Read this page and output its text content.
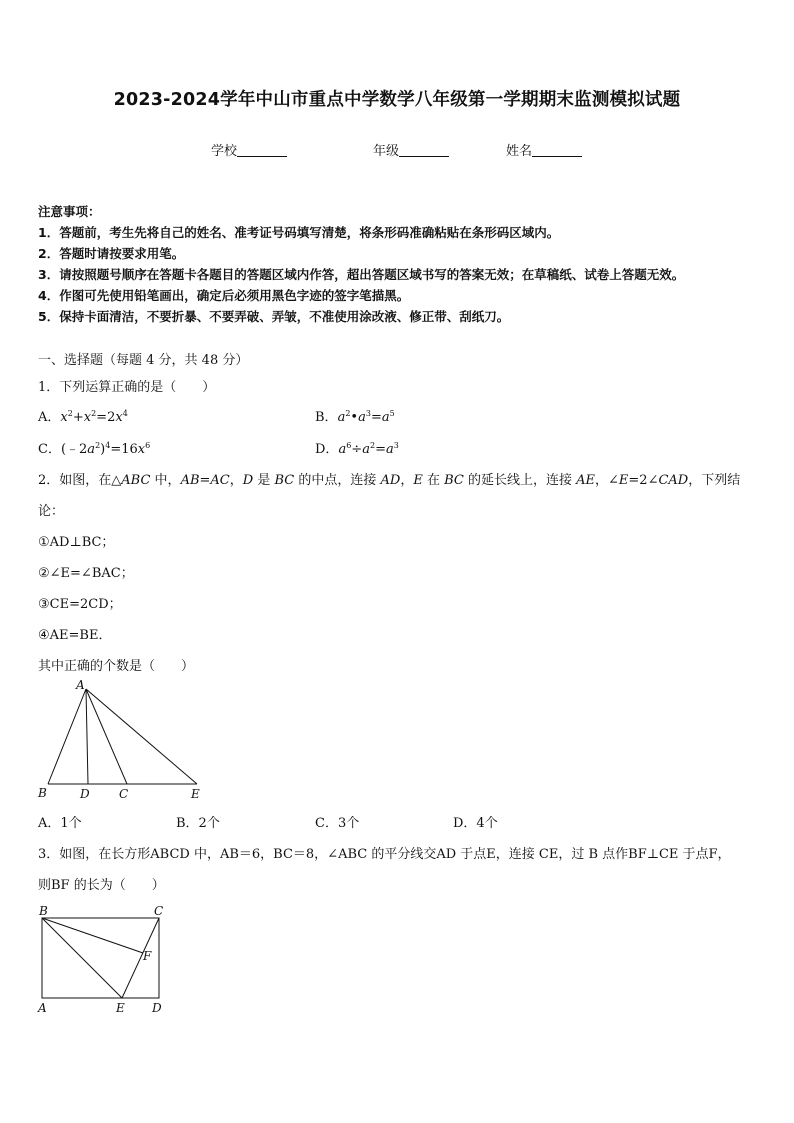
2023-2024学年中山市重点中学数学八年级第一学期期末监测模拟试题
学校	年级	姓名
注意事项：
1．答题前，考生先将自己的姓名、准考证号码填写清楚，将条形码准确粘贴在条形码区域内。
2．答题时请按要求用笔。
3．请按照题号顺序在答题卡各题目的答题区域内作答，超出答题区域书写的答案无效；在草稿纸、试卷上答题无效。
4．作图可先使用铅笔画出，确定后必须用黑色字迹的签字笔描黑。
5．保持卡面清洁，不要折暴、不要弄破、弄皱，不准使用涂改液、修正带、刮纸刀。
一、选择题（每题 4 分，共 48 分）
1．下列运算正确的是（　　）
A．$x^2+x^2=2x^4$	B．$a^2•a^3=a^5$
C．$(﹣2a^2)^4=16x^6$	D．$a^6\div a^2=a^3$
2．如图，在△ABC 中，AB=AC，D 是 BC 的中点，连接 AD，E 在 BC 的延长线上，连接 AE，∠E=2∠CAD，下列结
论：
①AD⊥BC；
②∠E=∠BAC；
③CE=2CD；
④AE=BE．
其中正确的个数是（　　）
A
B	D C	E
A．1个	B．2个	C．3个	D．4个
3．如图，在长方形ABCD 中，AB＝6，BC＝8，∠ABC 的平分线交AD 于点E，连接 CE，过 B 点作BF⊥CE 于点F，
则BF 的长为（　　）
B	C
F
A	E D
